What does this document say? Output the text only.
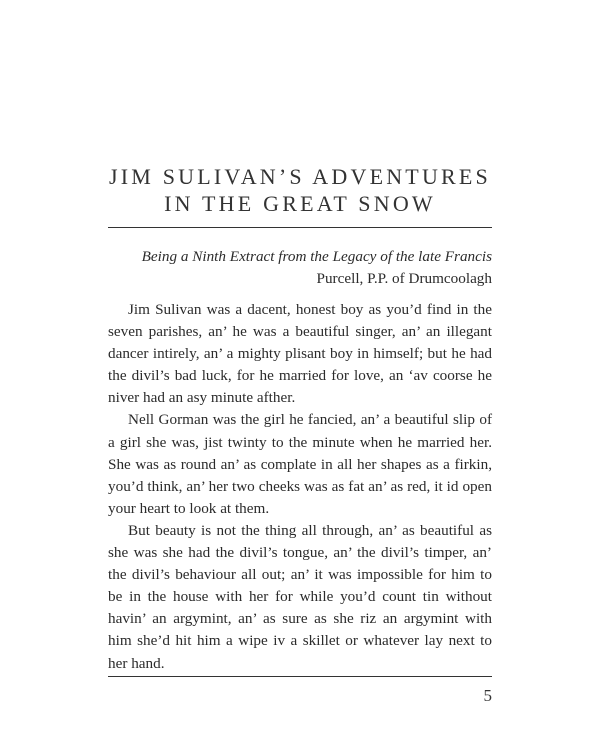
JIM SULIVAN’S ADVENTURES
IN THE GREAT SNOW
Being a Ninth Extract from the Legacy of the late Francis
Purcell, P.P. of Drumcoolagh
Jim Sulivan was a dacent, honest boy as you’d find in the
seven parishes, an’ he was a beautiful singer, an’ an illegant
dancer intirely, an’ a mighty plisant boy in himself; but he had
the divil’s bad luck, for he married for love, an ‘av coorse he
niver had an asy minute afther.
Nell Gorman was the girl he fancied, an’ a beautiful slip of
a girl she was, jist twinty to the minute when he married her.
She was as round an’ as complate in all her shapes as a firkin,
you’d think, an’ her two cheeks was as fat an’ as red, it id open
your heart to look at them.
But beauty is not the thing all through, an’ as beautiful as
she was she had the divil’s tongue, an’ the divil’s timper, an’
the divil’s behaviour all out; an’ it was impossible for him to
be in the house with her for while you’d count tin without
havin’ an argymint, an’ as sure as she riz an argymint with
him she’d hit him a wipe iv a skillet or whatever lay next to
her hand.
5
